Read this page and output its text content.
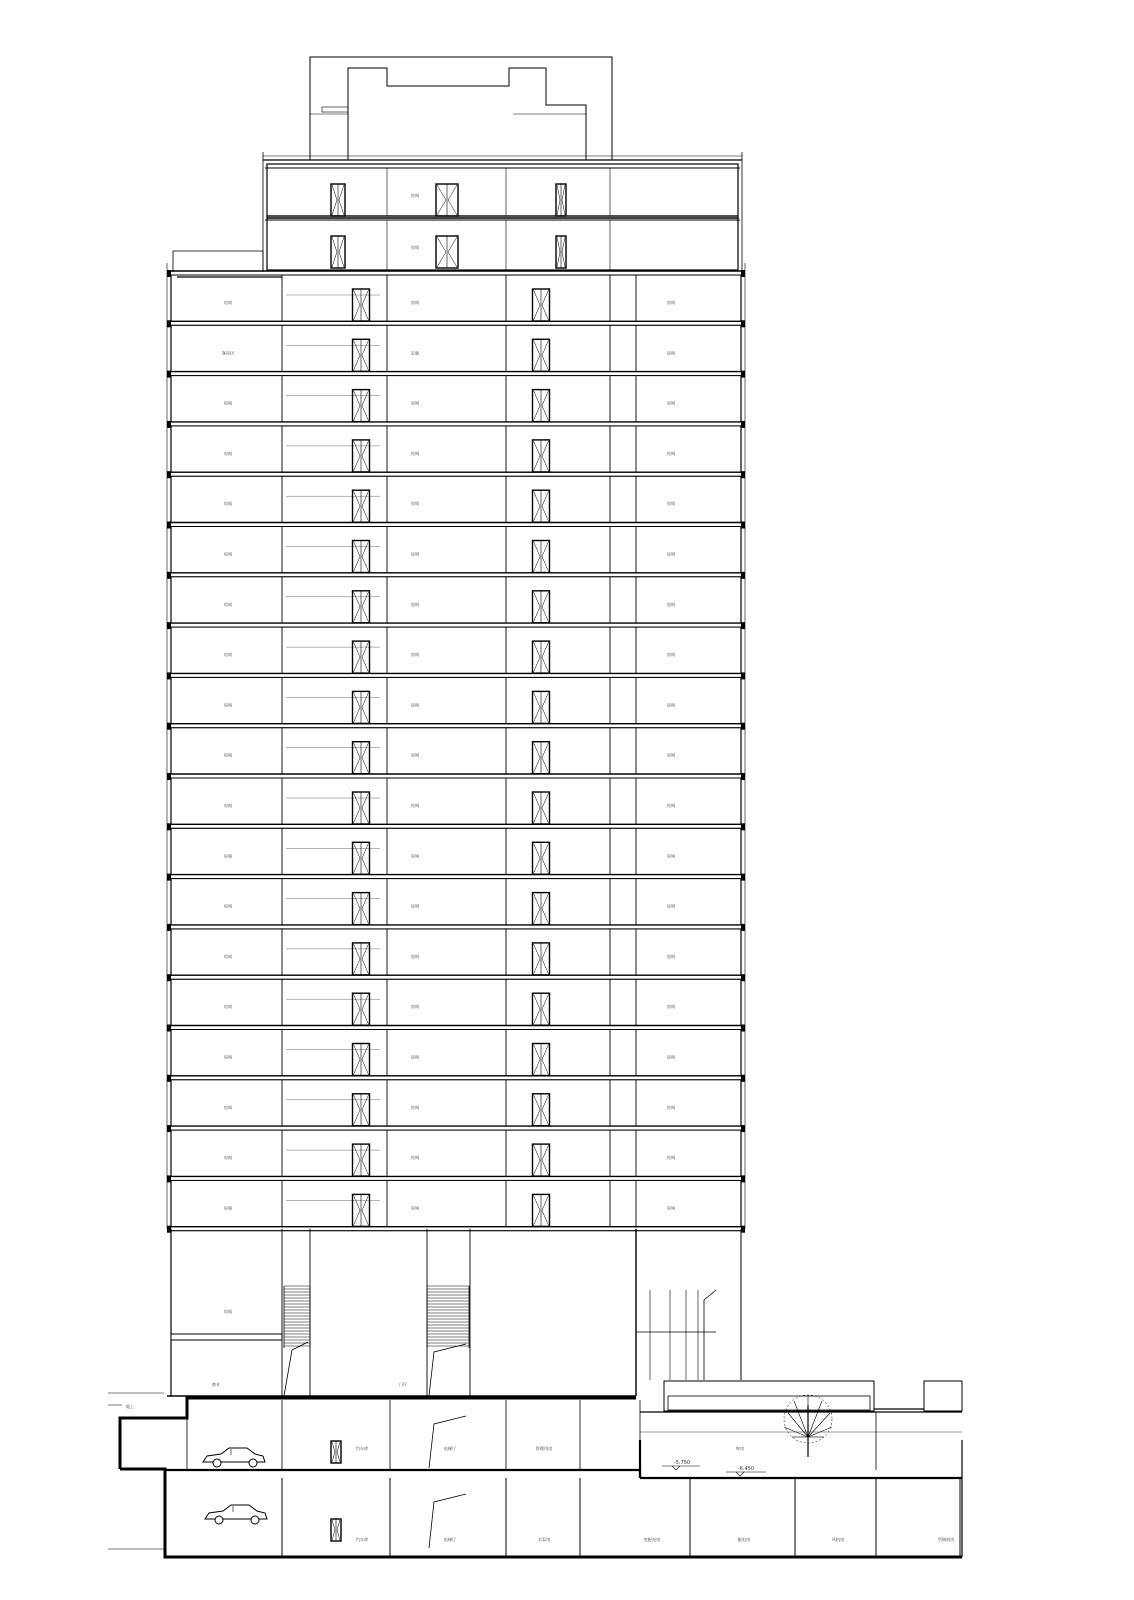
房间	房间	房间
客房区	走廊	房间
房间	房间	房间
房间	房间	房间
房间	房间	房间
房间	房间	房间
房间	房间	房间
房间	房间	房间
房间	房间	房间
房间	房间	房间
房间	房间	房间
房间	房间	房间
房间	房间	房间
房间	房间	房间
房间	房间	房间
房间	房间	房间
房间	房间	房间
房间	房间	房间
房间	房间	房间
房间
房间
房间
商业	门厅
地上
汽车库	电梯厅	管理用房	库房
汽车库	电梯厅	水泵房	变配电房	配电房	风机房	空调机房
-5.750
-6.450
